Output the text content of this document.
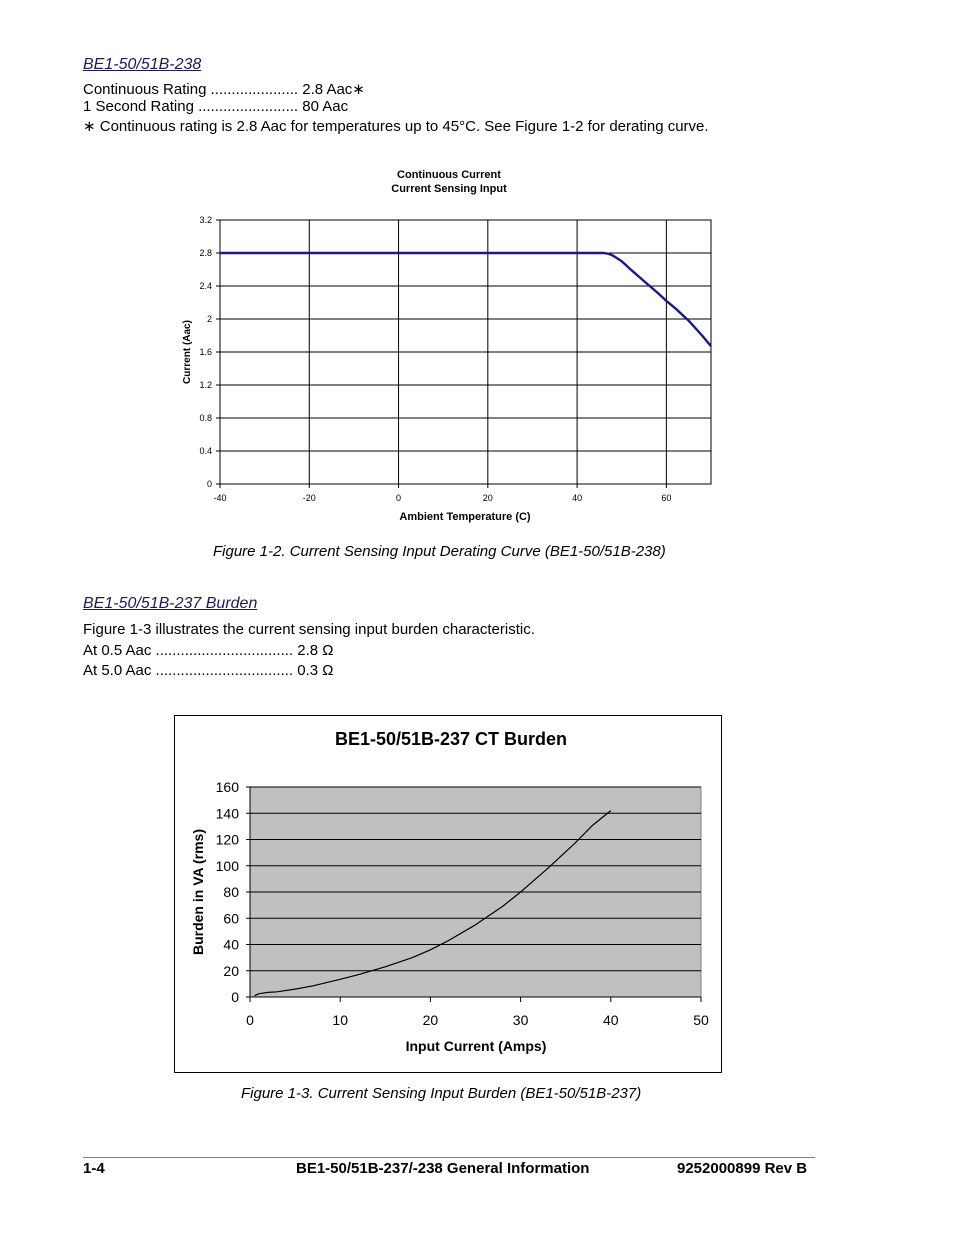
BE1-50/51B-238
Continuous Rating ..................... 2.8 Aac∗
1 Second Rating ........................ 80 Aac
∗ Continuous rating is 2.8 Aac for temperatures up to 45°C. See Figure 1-2 for derating curve.
0
0.4
0.8
1.2
1.6
2
2.4
2.8
3.2
-40	-20	0	20	40	60
Continuous Current
Current Sensing Input
Ambient Temperature (C)
Current (Aac)
Figure 1-2. Current Sensing Input Derating Curve (BE1-50/51B-238)
BE1-50/51B-237 Burden
Figure 1-3 illustrates the current sensing input burden characteristic.
At 0.5 Aac ................................. 2.8 Ω
At 5.0 Aac ................................. 0.3 Ω
0
20
40
60
80
100
120
140
160
0	10	20	30	40	50
BE1-50/51B-237 CT Burden
Input Current (Amps)
Burden in VA (rms)
Figure 1-3. Current Sensing Input Burden (BE1-50/51B-237)
1-4	BE1-50/51B-237/-238 General Information	9252000899 Rev B
